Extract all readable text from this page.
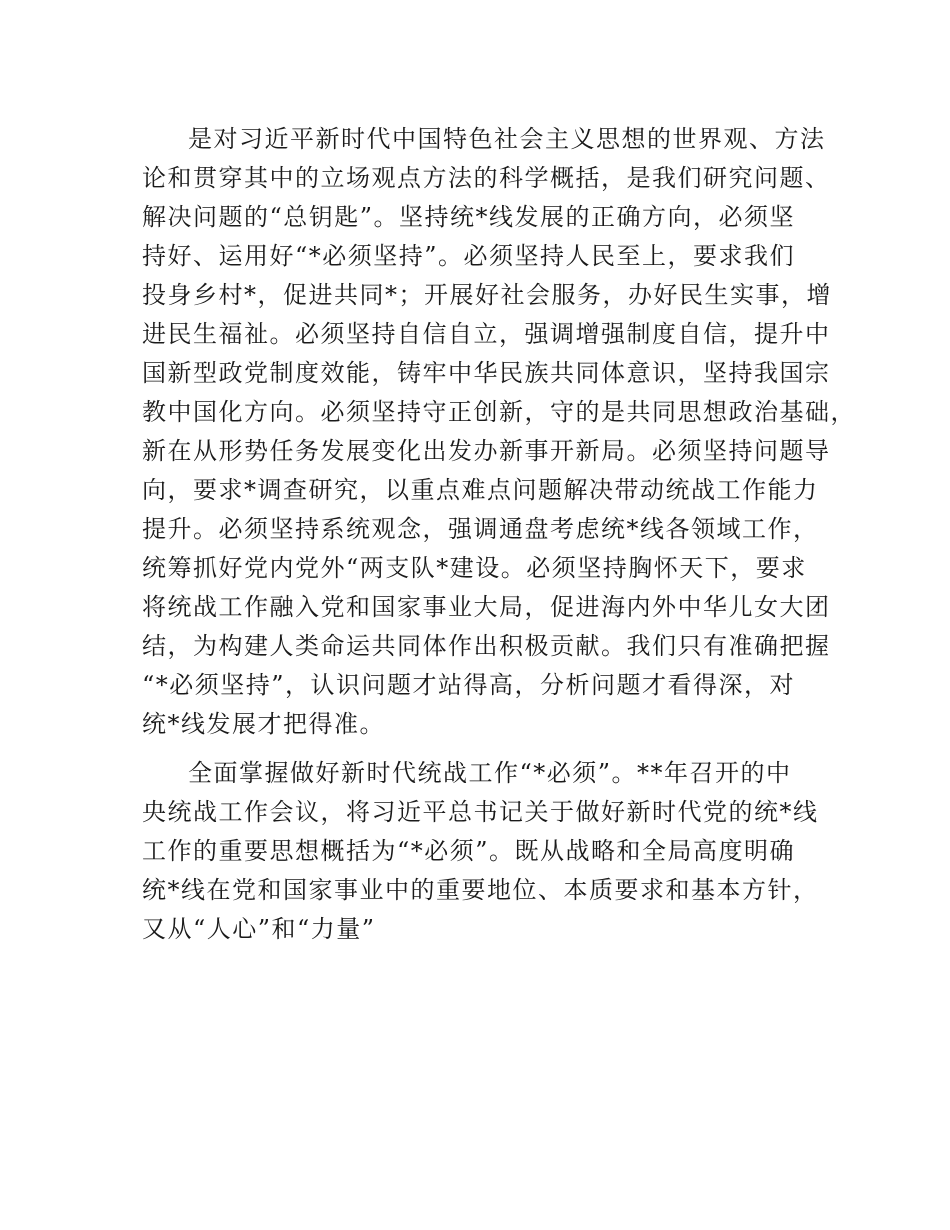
是对习近平新时代中国特色社会主义思想的世界观、方法
论和贯穿其中的立场观点方法的科学概括，是我们研究问题、
解决问题的“总钥匙”。坚持统*线发展的正确方向，必须坚
持好、运用好“*必须坚持”。必须坚持人民至上，要求我们
投身乡村*，促进共同*；开展好社会服务，办好民生实事，增
进民生福祉。必须坚持自信自立，强调增强制度自信，提升中
国新型政党制度效能，铸牢中华民族共同体意识，坚持我国宗
教中国化方向。必须坚持守正创新，守的是共同思想政治基础，
新在从形势任务发展变化出发办新事开新局。必须坚持问题导
向，要求*调查研究，以重点难点问题解决带动统战工作能力
提升。必须坚持系统观念，强调通盘考虑统*线各领域工作，
统筹抓好党内党外“两支队*建设。必须坚持胸怀天下，要求
将统战工作融入党和国家事业大局，促进海内外中华儿女大团
结，为构建人类命运共同体作出积极贡献。我们只有准确把握
“*必须坚持”，认识问题才站得高，分析问题才看得深，对
统*线发展才把得准。
全面掌握做好新时代统战工作“*必须”。**年召开的中
央统战工作会议，将习近平总书记关于做好新时代党的统*线
工作的重要思想概括为“*必须”。既从战略和全局高度明确
统*线在党和国家事业中的重要地位、本质要求和基本方针，
又从“人心”和“力量”
